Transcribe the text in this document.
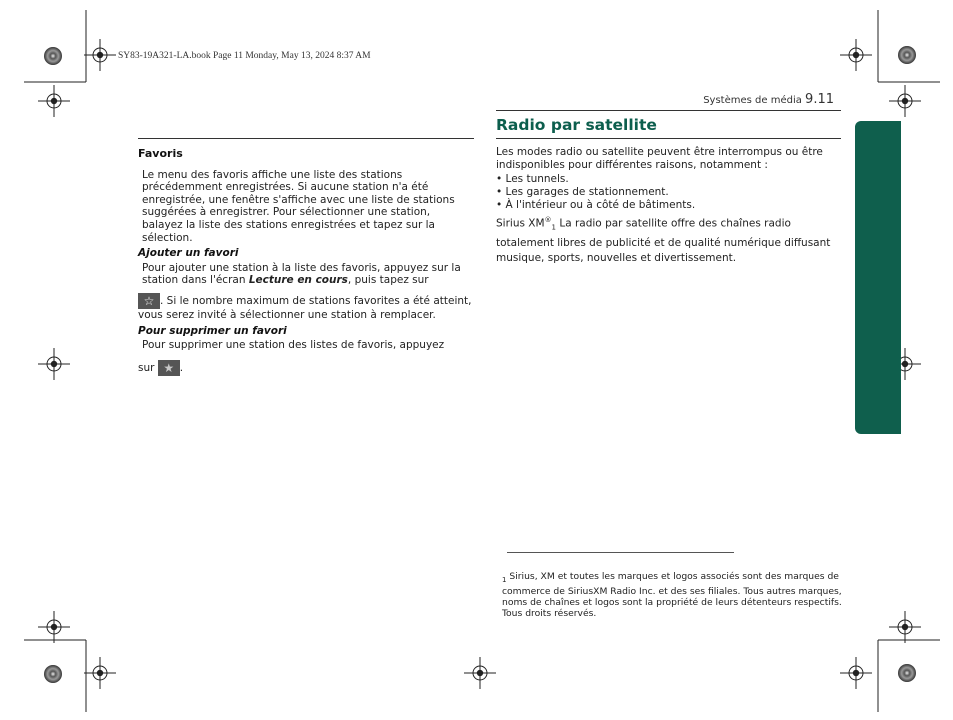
SY83-19A321-LA.book Page 11 Monday, May 13, 2024 8:37 AM
Systèmes de média 9.11
Favoris

Le menu des favoris affiche une liste des stations précédemment enregistrées. Si aucune station n'a été enregistrée, une fenêtre s'affiche avec une liste de stations suggérées à enregistrer. Pour sélectionner une station, balayez la liste des stations enregistrées et tapez sur la sélection.

Ajouter un favori

Pour ajouter une station à la liste des favoris, appuyez sur la station dans l'écran Lecture en cours, puis tapez sur

☆ . Si le nombre maximum de stations favorites a été atteint, vous serez invité à sélectionner une station à remplacer.

Pour supprimer un favori

Pour supprimer une station des listes de favoris, appuyez

sur ★ .

Radio par satellite

Les modes radio ou satellite peuvent être interrompus ou être indisponibles pour différentes raisons, notamment :

• Les tunnels.
• Les garages de stationnement.
• À l'intérieur ou à côté de bâtiments.

Sirius $XM®_1$ La radio par satellite offre des chaînes radio totalement libres de publicité et de qualité numérique diffusant musique, sports, nouvelles et divertissement.

$_1$ Sirius, XM et toutes les marques et logos associés sont des marques de commerce de SiriusXM Radio Inc. et des ses filiales. Tous autres marques, noms de chaînes et logos sont la propriété de leurs détenteurs respectifs. Tous droits réservés.
